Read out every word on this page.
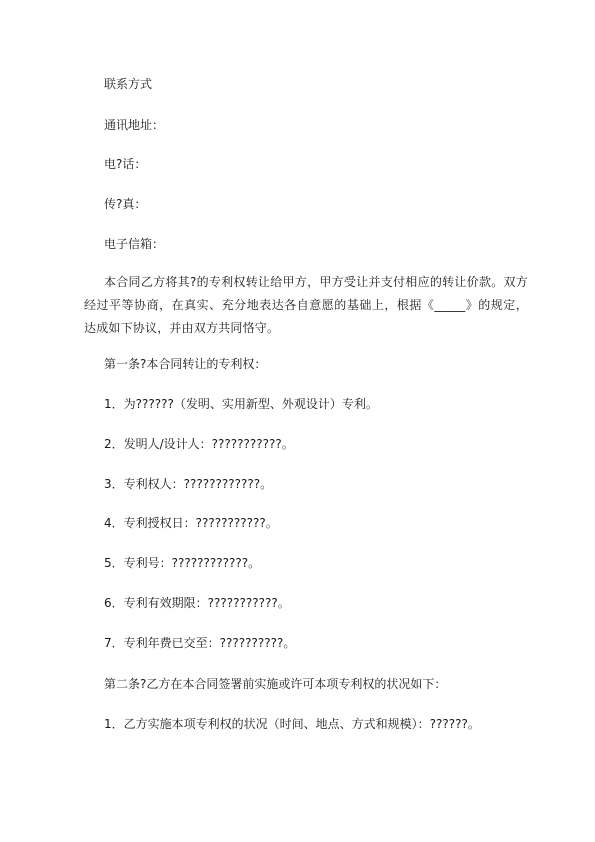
联系方式
通讯地址：
电?话：
传?真：
电子信箱：
本合同乙方将其?的专利权转让给甲方，甲方受让并支付相应的转让价款。双方经过平等协商，在真实、充分地表达各自意愿的基础上，根据《_____》的规定，达成如下协议，并由双方共同恪守。
第一条?本合同转让的专利权：
1．为??????（发明、实用新型、外观设计）专利。
2．发明人/设计人：???????????。
3．专利权人：????????????。
4．专利授权日：???????????。
5．专利号：????????????。
6．专利有效期限：???????????。
7．专利年费已交至：??????????。
第二条?乙方在本合同签署前实施或许可本项专利权的状况如下：
1．乙方实施本项专利权的状况（时间、地点、方式和规模）：??????。
